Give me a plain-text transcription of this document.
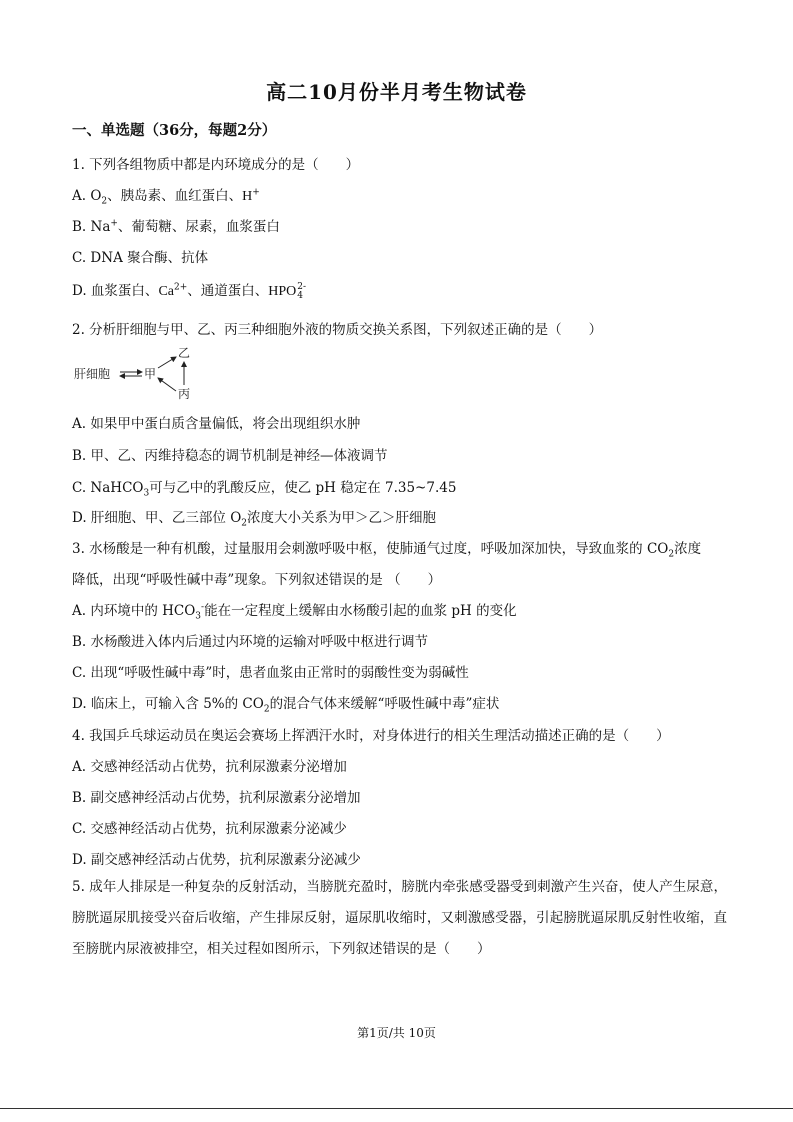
高二10月份半月考生物试卷
一、单选题（36分，每题2分）
1. 下列各组物质中都是内环境成分的是（　　）
A. $O_2$、胰岛素、血红蛋白、H+
B. Na+、葡萄糖、尿素，血浆蛋白
C. DNA 聚合酶、抗体
D. 血浆蛋白、$Ca^{2+}$、通道蛋白、HPO2-
4
2. 分析肝细胞与甲、乙、丙三种细胞外液的物质交换关系图，下列叙述正确的是（　　）
肝细胞	甲
乙
丙
A. 如果甲中蛋白质含量偏低，将会出现组织水肿
B. 甲、乙、丙维持稳态的调节机制是神经—体液调节
C. NaHCO$_3$可与乙中的乳酸反应，使乙 pH 稳定在 7.35~7.45
D. 肝细胞、甲、乙三部位 $O_2$浓度大小关系为甲＞乙＞肝细胞
3. 水杨酸是一种有机酸，过量服用会刺激呼吸中枢，使肺通气过度，呼吸加深加快，导致血浆的 $CO_2$浓度
降低，出现“呼吸性碱中毒”现象。下列叙述错误的是 （　　）
A. 内环境中的 $HCO_3^-$能在一定程度上缓解由水杨酸引起的血浆 pH 的变化
B. 水杨酸进入体内后通过内环境的运输对呼吸中枢进行调节
C. 出现“呼吸性碱中毒”时，患者血浆由正常时的弱酸性变为弱碱性
D. 临床上，可输入含 5%的 $CO_2$的混合气体来缓解“呼吸性碱中毒”症状
4. 我国乒乓球运动员在奥运会赛场上挥洒汗水时，对身体进行的相关生理活动描述正确的是（　　）
A. 交感神经活动占优势，抗利尿激素分泌增加
B. 副交感神经活动占优势，抗利尿激素分泌增加
C. 交感神经活动占优势，抗利尿激素分泌减少
D. 副交感神经活动占优势，抗利尿激素分泌减少
5. 成年人排尿是一种复杂的反射活动，当膀胱充盈时，膀胱内牵张感受器受到刺激产生兴奋，使人产生尿意，膀胱逼尿肌接受兴奋后收缩，产生排尿反射，逼尿肌收缩时，又刺激感受器，引起膀胱逼尿肌反射性收缩，直至膀胱内尿液被排空，相关过程如图所示，下列叙述错误的是（　　）
第1页/共 10页
